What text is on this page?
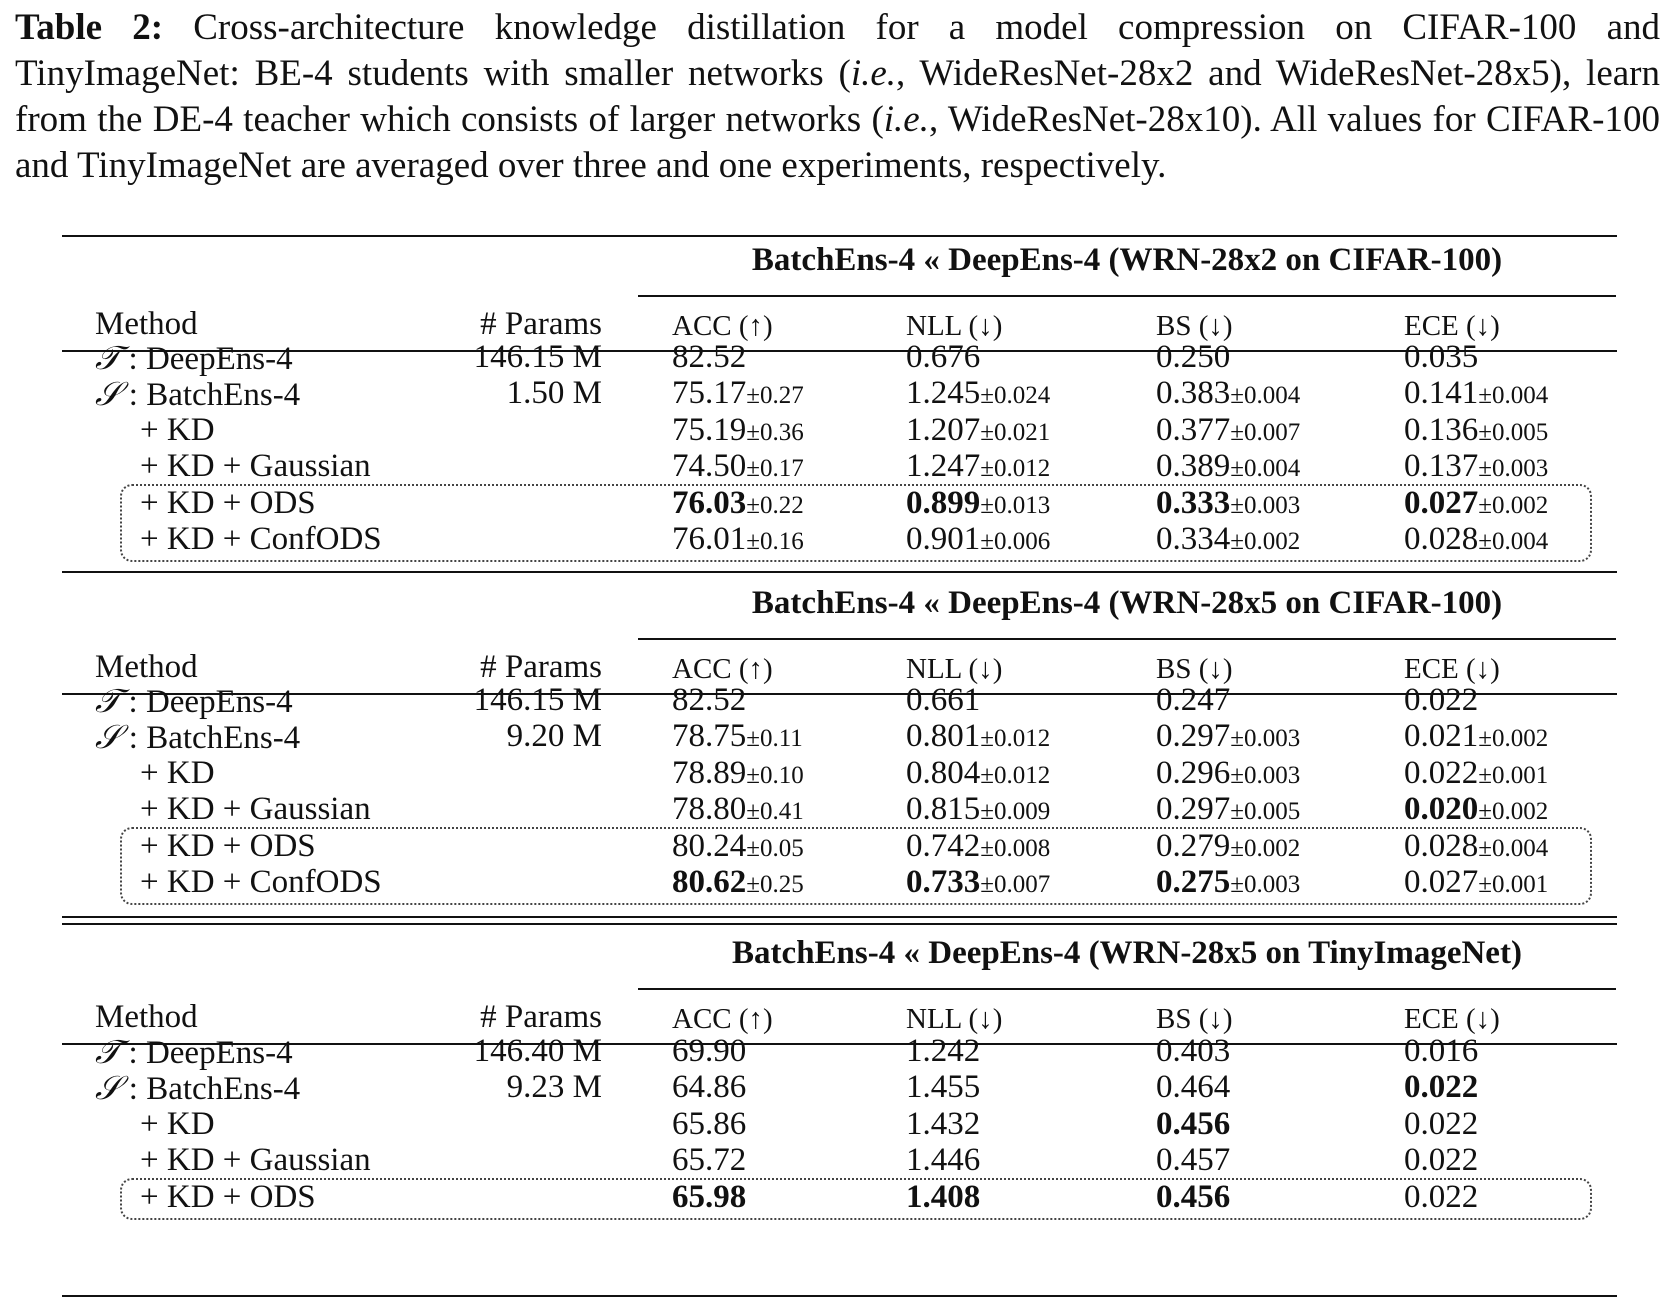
Table 2: Cross-architecture knowledge distillation for a model compression on CIFAR-100 and TinyImageNet: BE-4 students with smaller networks (i.e., WideResNet-28x2 and WideResNet-28x5), learn from the DE-4 teacher which consists of larger networks (i.e., WideResNet-28x10). All values for CIFAR-100 and TinyImageNet are averaged over three and one experiments, respectively.

BatchEns-4 « DeepEns-4 (WRN-28x2 on CIFAR-100)
Method	# Params ACC (↑)	NLL (↓)	BS (↓)	ECE (↓)
𝒯 : DeepEns-4	146.15 M 82.52	0.676	0.250	0.035
𝒮 : BatchEns-4	1.50 M 75.17±0.27	1.245±0.024	0.383±0.004	0.141±0.004
+ KD	75.19±0.36	1.207±0.021	0.377±0.007	0.136±0.005
+ KD + Gaussian	74.50±0.17	1.247±0.012	0.389±0.004	0.137±0.003
+ KD + ODS	76.03±0.22	0.899±0.013	0.333±0.003	0.027±0.002
+ KD + ConfODS	76.01±0.16	0.901±0.006	0.334±0.002	0.028±0.004
BatchEns-4 « DeepEns-4 (WRN-28x5 on CIFAR-100)
Method	# Params ACC (↑)	NLL (↓)	BS (↓)	ECE (↓)
𝒯 : DeepEns-4	146.15 M 82.52	0.661	0.247	0.022
𝒮 : BatchEns-4	9.20 M 78.75±0.11	0.801±0.012	0.297±0.003	0.021±0.002
+ KD	78.89±0.10	0.804±0.012	0.296±0.003	0.022±0.001
+ KD + Gaussian	78.80±0.41	0.815±0.009	0.297±0.005	0.020±0.002
+ KD + ODS	80.24±0.05	0.742±0.008	0.279±0.002	0.028±0.004
+ KD + ConfODS	80.62±0.25	0.733±0.007	0.275±0.003	0.027±0.001
BatchEns-4 « DeepEns-4 (WRN-28x5 on TinyImageNet)
Method	# Params ACC (↑)	NLL (↓)	BS (↓)	ECE (↓)
𝒯 : DeepEns-4	146.40 M 69.90	1.242	0.403	0.016
𝒮 : BatchEns-4	9.23 M 64.86	1.455	0.464	0.022
+ KD	65.86	1.432	0.456	0.022
+ KD + Gaussian	65.72	1.446	0.457	0.022
+ KD + ODS	65.98	1.408	0.456	0.022
